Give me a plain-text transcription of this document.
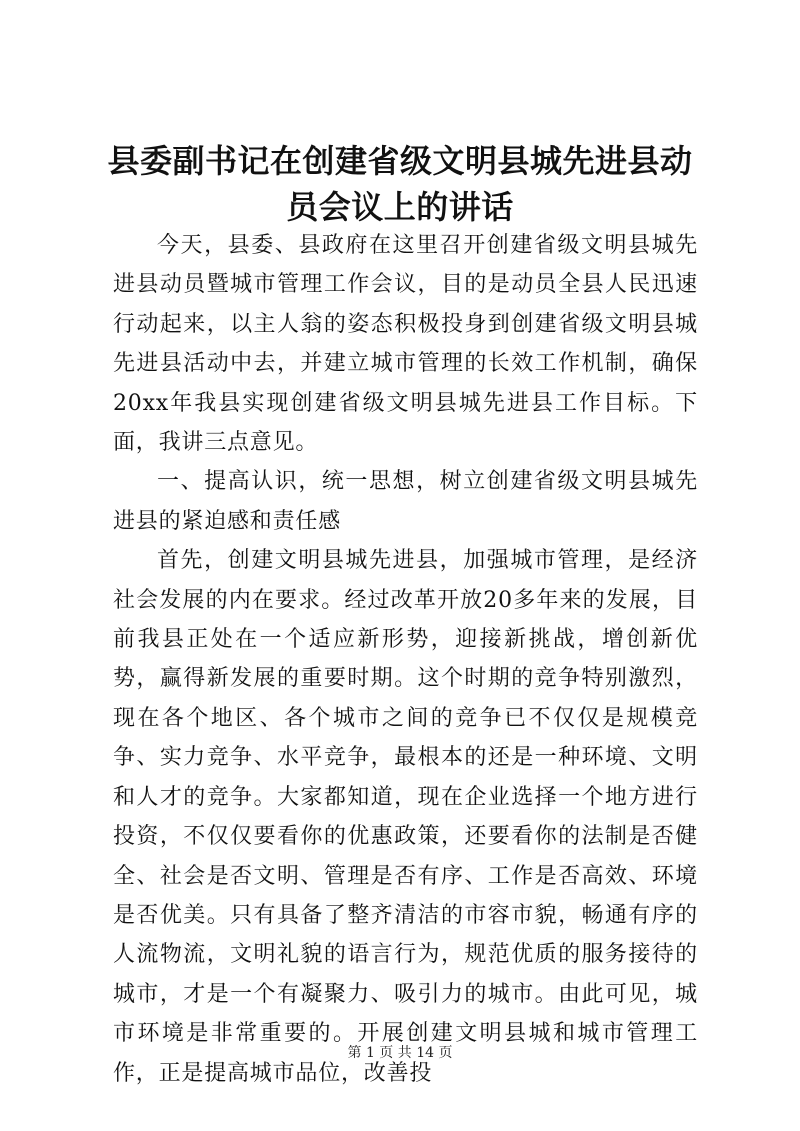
县委副书记在创建省级文明县城先进县动员会议上的讲话

今天，县委、县政府在这里召开创建省级文明县城先进县动员暨城市管理工作会议，目的是动员全县人民迅速行动起来，以主人翁的姿态积极投身到创建省级文明县城先进县活动中去，并建立城市管理的长效工作机制，确保20xx年我县实现创建省级文明县城先进县工作目标。下面，我讲三点意见。

一、提高认识，统一思想，树立创建省级文明县城先进县的紧迫感和责任感

首先，创建文明县城先进县，加强城市管理，是经济社会发展的内在要求。经过改革开放20多年来的发展，目前我县正处在一个适应新形势，迎接新挑战，增创新优势，赢得新发展的重要时期。这个时期的竞争特别激烈，现在各个地区、各个城市之间的竞争已不仅仅是规模竞争、实力竞争、水平竞争，最根本的还是一种环境、文明和人才的竞争。大家都知道，现在企业选择一个地方进行投资，不仅仅要看你的优惠政策，还要看你的法制是否健全、社会是否文明、管理是否有序、工作是否高效、环境是否优美。只有具备了整齐清洁的市容市貌，畅通有序的人流物流，文明礼貌的语言行为，规范优质的服务接待的城市，才是一个有凝聚力、吸引力的城市。由此可见，城市环境是非常重要的。开展创建文明县城和城市管理工作，正是提高城市品位，改善投

第 1 页 共 14 页
